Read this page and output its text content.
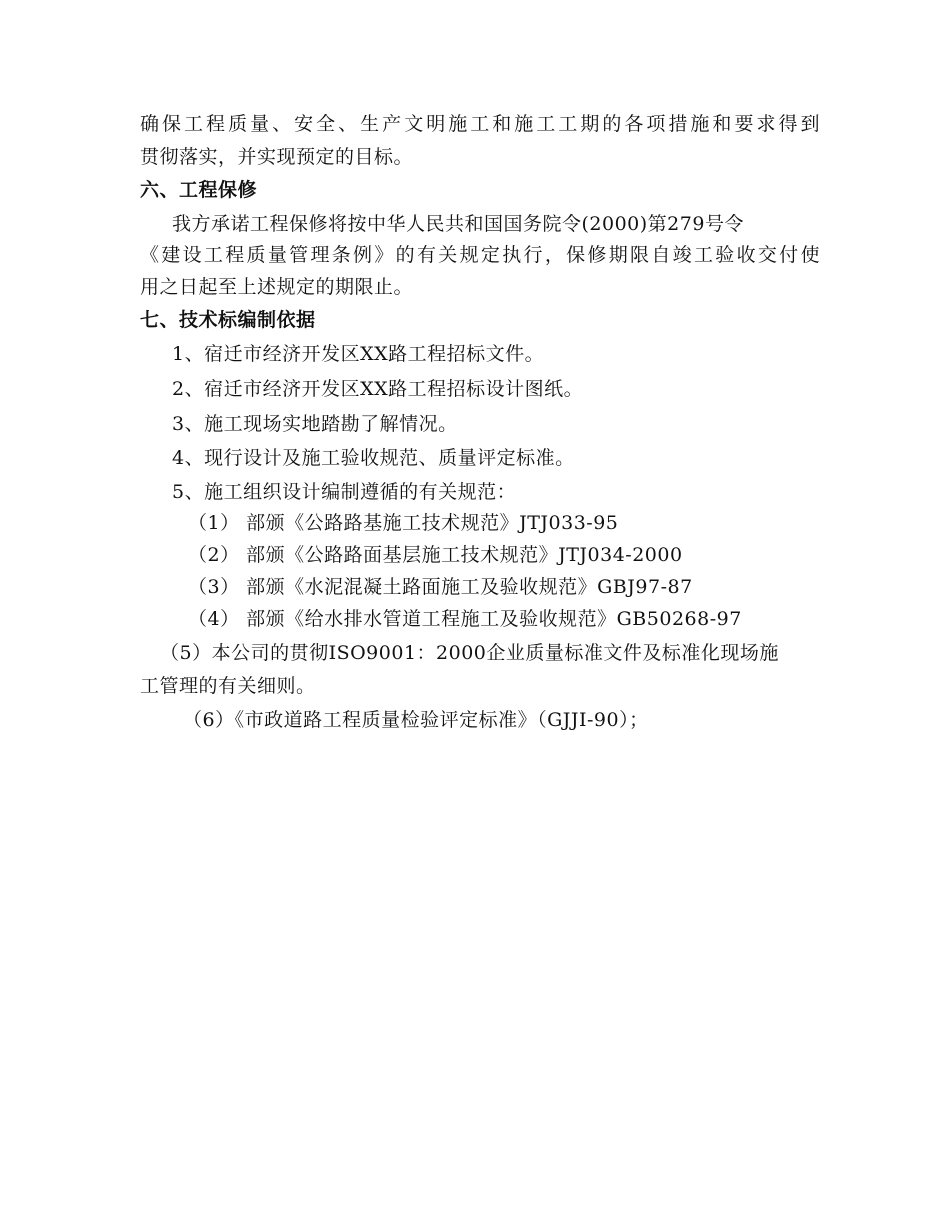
确保工程质量、安全、生产文明施工和施工工期的各项措施和要求得到
贯彻落实，并实现预定的目标。
六、工程保修
我方承诺工程保修将按中华人民共和国国务院令(2000)第279号令
《建设工程质量管理条例》的有关规定执行，保修期限自竣工验收交付使
用之日起至上述规定的期限止。
七、技术标编制依据
1、宿迁市经济开发区XX路工程招标文件。
2、宿迁市经济开发区XX路工程招标设计图纸。
3、施工现场实地踏勘了解情况。
4、现行设计及施工验收规范、质量评定标准。
5、施工组织设计编制遵循的有关规范：
（1） 部颁《公路路基施工技术规范》JTJ033-95
（2） 部颁《公路路面基层施工技术规范》JTJ034-2000
（3） 部颁《水泥混凝土路面施工及验收规范》GBJ97-87
（4） 部颁《给水排水管道工程施工及验收规范》GB50268-97
（5）本公司的贯彻ISO9001：2000企业质量标准文件及标准化现场施
工管理的有关细则。
（6）《市政道路工程质量检验评定标准》（GJJⅠ-90）；
